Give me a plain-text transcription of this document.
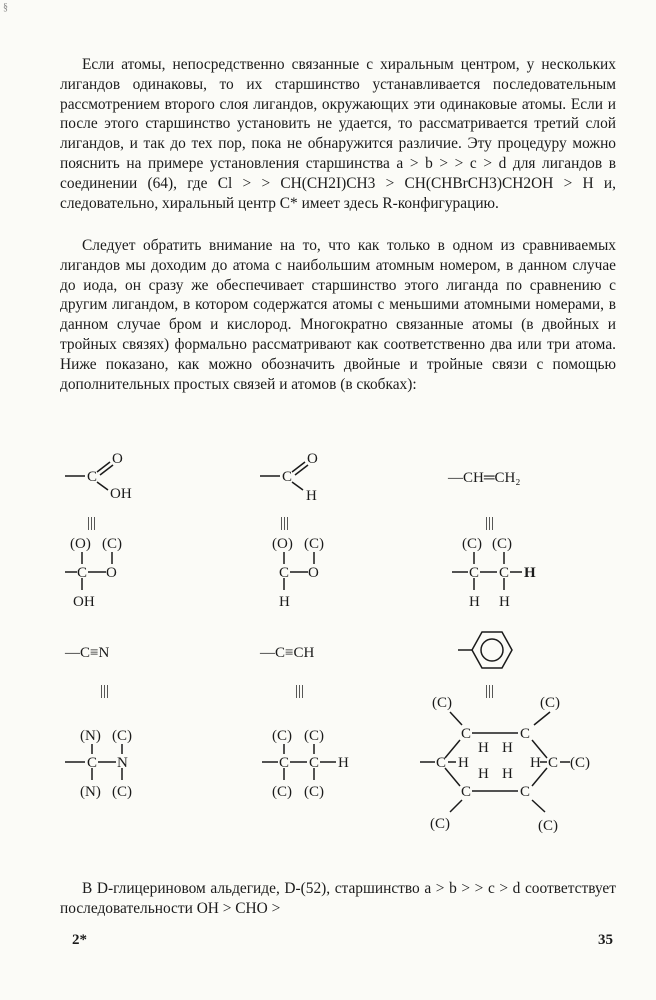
§

Если атомы, непосредственно связанные с хиральным центром, у нескольких лигандов одинаковы, то их старшинство устанавливается последовательным рассмотрением второго слоя лигандов, окружающих эти одинаковые атомы. Если и после этого старшинство установить не удается, то рассматривается третий слой лигандов, и так до тех пор, пока не обнаружится различие. Эту процедуру можно пояснить на примере установления старшинства a > b > > c > d для лигандов в соединении (64), где Cl > > CH(CH2I)CH3 > CH(CHBrCH3)CH2OH > H и, следовательно, хиральный центр C* имеет здесь R-конфигурацию.

Следует обратить внимание на то, что как только в одном из сравниваемых лигандов мы доходим до атома с наибольшим атомным номером, в данном случае до иода, он сразу же обеспечивает старшинство этого лиганда по сравнению с другим лигандом, в котором содержатся атомы с меньшими атомными номерами, в данном случае бром и кислород. Многократно связанные атомы (в двойных и тройных связях) формально рассматривают как соответственно два или три атома. Ниже показано, как можно обозначить двойные и тройные связи с помощью дополнительных простых связей и атомов (в скобках):

C
O
OH
|||
(O) (C)
C O
OH
C
O
H
|||
(O) (C)
C O
H
—CH═CH₂
|||
(C) (C)
C C H
H H
—C≡N
|||
(N) (C)
C N
(N) (C)
—C≡CH
|||
(C) (C)
C C H
(C) (C)
|||
(C)	(C)
C	C
H H
C H	H C (C)
H H
C	C
(C)	(C)

В D-глицериновом альдегиде, D-(52), старшинство a > b > > c > d соответствует последовательности OH > CHO >

2*	35
